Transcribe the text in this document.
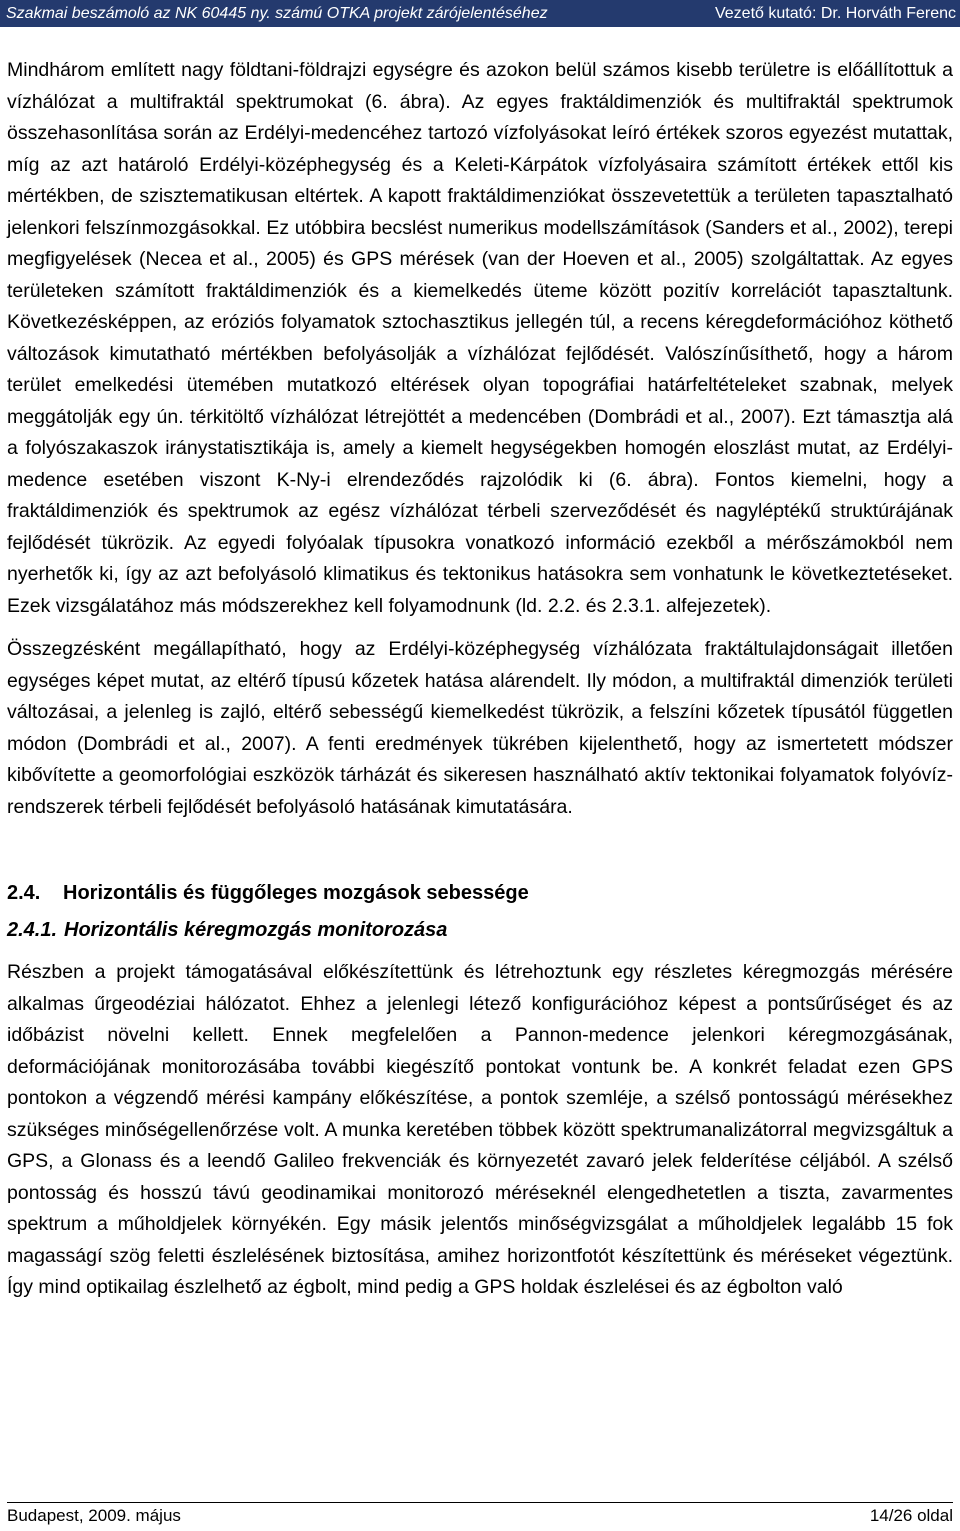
Szakmai beszámoló az NK 60445 ny. számú OTKA projekt zárójelentéséhez	Vezető kutató: Dr. Horváth Ferenc

Mindhárom említett nagy földtani-földrajzi egységre és azokon belül számos kisebb területre is előállítottuk a vízhálózat a multifraktál spektrumokat (6. ábra). Az egyes fraktáldimenziók és multifraktál spektrumok összehasonlítása során az Erdélyi-medencéhez tartozó vízfolyásokat leíró értékek szoros egyezést mutattak, míg az azt határoló Erdélyi-középhegység és a Keleti-Kárpátok vízfolyásaira számított értékek ettől kis mértékben, de szisztematikusan eltértek. A kapott fraktáldimenziókat összevetettük a területen tapasztalható jelenkori felszínmozgásokkal. Ez utóbbira becslést numerikus modellszámítások (Sanders et al., 2002), terepi megfigyelések (Necea et al., 2005) és GPS mérések (van der Hoeven et al., 2005) szolgáltattak. Az egyes területeken számított fraktáldimenziók és a kiemelkedés üteme között pozitív korrelációt tapasztaltunk. Következésképpen, az eróziós folyamatok sztochasztikus jellegén túl, a recens kéregdeformációhoz köthető változások kimutatható mértékben befolyásolják a vízhálózat fejlődését. Valószínűsíthető, hogy a három terület emelkedési ütemében mutatkozó eltérések olyan topográfiai határfeltételeket szabnak, melyek meggátolják egy ún. térkitöltő vízhálózat létrejöttét a medencében (Dombrádi et al., 2007). Ezt támasztja alá a folyószakaszok iránystatisztikája is, amely a kiemelt hegységekben homogén eloszlást mutat, az Erdélyi-medence esetében viszont K-Ny-i elrendeződés rajzolódik ki (6. ábra). Fontos kiemelni, hogy a fraktáldimenziók és spektrumok az egész vízhálózat térbeli szerveződését és nagyléptékű struktúrájának fejlődését tükrözik. Az egyedi folyóalak típusokra vonatkozó információ ezekből a mérőszámokból nem nyerhetők ki, így az azt befolyásoló klimatikus és tektonikus hatásokra sem vonhatunk le következtetéseket. Ezek vizsgálatához más módszerekhez kell folyamodnunk (ld. 2.2. és 2.3.1. alfejezetek).

Összegzésként megállapítható, hogy az Erdélyi-középhegység vízhálózata fraktáltulajdonságait illetően egységes képet mutat, az eltérő típusú kőzetek hatása alárendelt. Ily módon, a multifraktál dimenziók területi változásai, a jelenleg is zajló, eltérő sebességű kiemelkedést tükrözik, a felszíni kőzetek típusától független módon (Dombrádi et al., 2007). A fenti eredmények tükrében kijelenthető, hogy az ismertetett módszer kibővítette a geomorfológiai eszközök tárházát és sikeresen használható aktív tektonikai folyamatok folyóvíz-rendszerek térbeli fejlődését befolyásoló hatásának kimutatására.

2.4.	Horizontális és függőleges mozgások sebessége
2.4.1. Horizontális kéregmozgás monitorozása

Részben a projekt támogatásával előkészítettünk és létrehoztunk egy részletes kéregmozgás mérésére alkalmas űrgeodéziai hálózatot. Ehhez a jelenlegi létező konfigurációhoz képest a pontsűrűséget és az időbázist növelni kellett. Ennek megfelelően a Pannon-medence jelenkori kéregmozgásának, deformációjának monitorozásába további kiegészítő pontokat vontunk be. A konkrét feladat ezen GPS pontokon a végzendő mérési kampány előkészítése, a pontok szemléje, a szélső pontosságú mérésekhez szükséges minőségellenőrzése volt. A munka keretében többek között spektrumanalizátorral megvizsgáltuk a GPS, a Glonass és a leendő Galileo frekvenciák és környezetét zavaró jelek felderítése céljából. A szélső pontosság és hosszú távú geodinamikai monitorozó méréseknél elengedhetetlen a tiszta, zavarmentes spektrum a műholdjelek környékén. Egy másik jelentős minőségvizsgálat a műholdjelek legalább 15 fok magasságí szög feletti észlelésének biztosítása, amihez horizontfotót készítettünk és méréseket végeztünk. Így mind optikailag észlelhető az égbolt, mind pedig a GPS holdak észlelései és az égbolton való

Budapest, 2009. május	14/26 oldal
